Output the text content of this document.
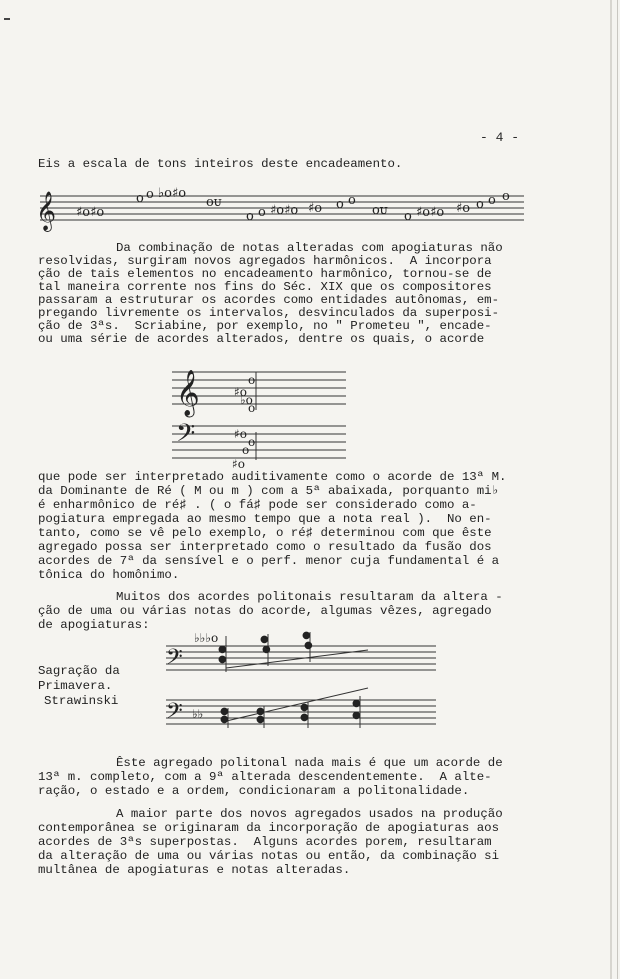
- 4 -
Eis a escala de tons inteiros deste encadeamento.
𝄞 ♯o♯o
o o ♭o♯o
ᴏᴜ
o o ♯o♯o ♯o o o
ᴏᴜ o ♯o♯o ♯o o o o
Da combinação de notas alteradas com apogiaturas não
resolvidas, surgiram novos agregados harmônicos.  A incorpora
ção de tais elementos no encadeamento harmônico, tornou-se de
tal maneira corrente nos fins do Séc. XIX que os compositores
passaram a estruturar os acordes como entidades autônomas, em-
pregando livremente os intervalos, desvinculados da superposi-
ção de 3ªs.  Scriabine, por exemplo, no " Prometeu ", encade-
ou uma série de acordes alterados, dentre os quais, o acorde
𝄞
𝄢
o
♯o
♭o
o
♯o
o
o
♯o
que pode ser interpretado auditivamente como o acorde de 13ª M.
da Dominante de Ré ( M ou m ) com a 5ª abaixada, porquanto mi♭
é enharmônico de ré♯ . ( o fá♯ pode ser considerado como a-
pogiatura empregada ao mesmo tempo que a nota real ).  No en-
tanto, como se vê pelo exemplo, o ré♯ determinou com que êste
agregado possa ser interpretado como o resultado da fusão dos
acordes de 7ª da sensível e o perf. menor cuja fundamental é a
tônica do homônimo.
Muitos dos acordes politonais resultaram da altera -
ção de uma ou várias notas do acorde, algumas vêzes, agregado
de apogiaturas:
Sagração da
Primavera.
Strawinski
𝄢
𝄢
♭♭♭o
♭♭
●
●
●
●
●
●
●
●
●
●
●
●
●
●
Êste agregado politonal nada mais é que um acorde de
13ª m. completo, com a 9ª alterada descendentemente.  A alte-
ração, o estado e a ordem, condicionaram a politonalidade.
A maior parte dos novos agregados usados na produção
contemporânea se originaram da incorporação de apogiaturas aos
acordes de 3ªs superpostas.  Alguns acordes porem, resultaram
da alteração de uma ou várias notas ou então, da combinação si
multânea de apogiaturas e notas alteradas.
